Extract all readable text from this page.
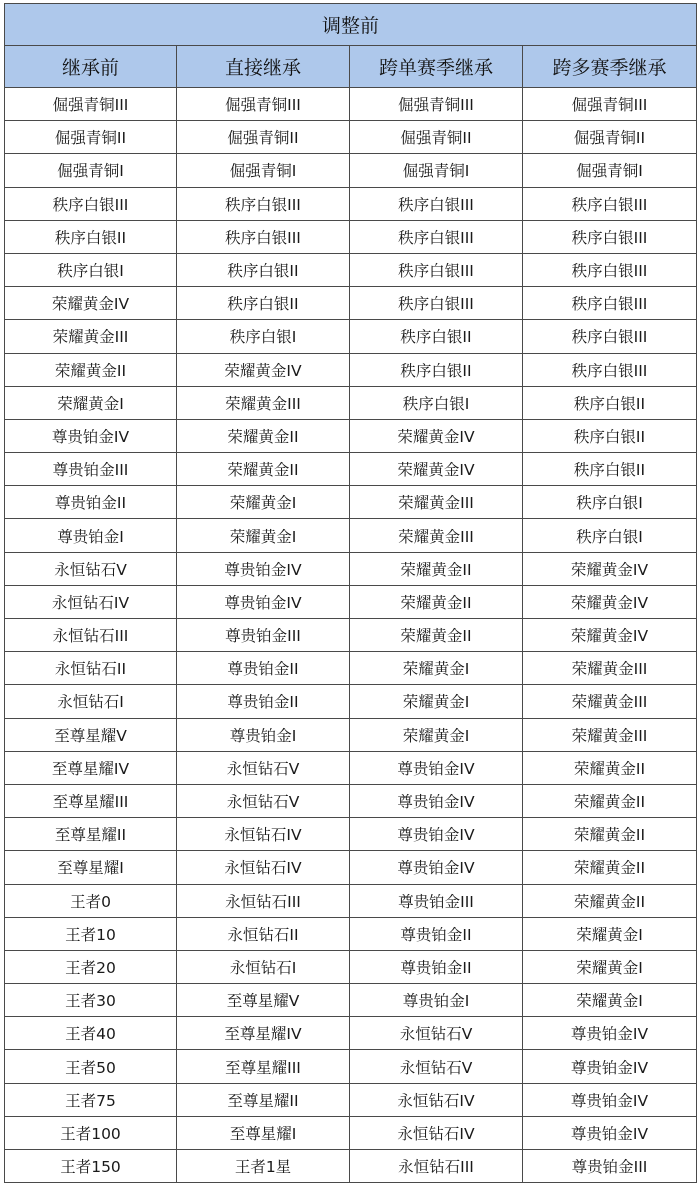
调整前			
继承前	直接继承	跨单赛季继承	跨多赛季继承
倔强青铜III	倔强青铜III	倔强青铜III	倔强青铜III
倔强青铜II	倔强青铜II	倔强青铜II	倔强青铜II
倔强青铜I	倔强青铜I	倔强青铜I	倔强青铜I
秩序白银III	秩序白银III	秩序白银III	秩序白银III
秩序白银II	秩序白银III	秩序白银III	秩序白银III
秩序白银I	秩序白银II	秩序白银III	秩序白银III
荣耀黄金IV	秩序白银II	秩序白银III	秩序白银III
荣耀黄金III	秩序白银I	秩序白银II	秩序白银III
荣耀黄金II	荣耀黄金IV	秩序白银II	秩序白银III
荣耀黄金I	荣耀黄金III	秩序白银I	秩序白银II
尊贵铂金IV	荣耀黄金II	荣耀黄金IV	秩序白银II
尊贵铂金III	荣耀黄金II	荣耀黄金IV	秩序白银II
尊贵铂金II	荣耀黄金I	荣耀黄金III	秩序白银I
尊贵铂金I	荣耀黄金I	荣耀黄金III	秩序白银I
永恒钻石V	尊贵铂金IV	荣耀黄金II	荣耀黄金IV
永恒钻石IV	尊贵铂金IV	荣耀黄金II	荣耀黄金IV
永恒钻石III	尊贵铂金III	荣耀黄金II	荣耀黄金IV
永恒钻石II	尊贵铂金II	荣耀黄金I	荣耀黄金III
永恒钻石I	尊贵铂金II	荣耀黄金I	荣耀黄金III
至尊星耀V	尊贵铂金I	荣耀黄金I	荣耀黄金III
至尊星耀IV	永恒钻石V	尊贵铂金IV	荣耀黄金II
至尊星耀III	永恒钻石V	尊贵铂金IV	荣耀黄金II
至尊星耀II	永恒钻石IV	尊贵铂金IV	荣耀黄金II
至尊星耀I	永恒钻石IV	尊贵铂金IV	荣耀黄金II
王者0	永恒钻石III	尊贵铂金III	荣耀黄金II
王者10	永恒钻石II	尊贵铂金II	荣耀黄金I
王者20	永恒钻石I	尊贵铂金II	荣耀黄金I
王者30	至尊星耀V	尊贵铂金I	荣耀黄金I
王者40	至尊星耀IV	永恒钻石V	尊贵铂金IV
王者50	至尊星耀III	永恒钻石V	尊贵铂金IV
王者75	至尊星耀II	永恒钻石IV	尊贵铂金IV
王者100	至尊星耀I	永恒钻石IV	尊贵铂金IV
王者150	王者1星	永恒钻石III	尊贵铂金III
